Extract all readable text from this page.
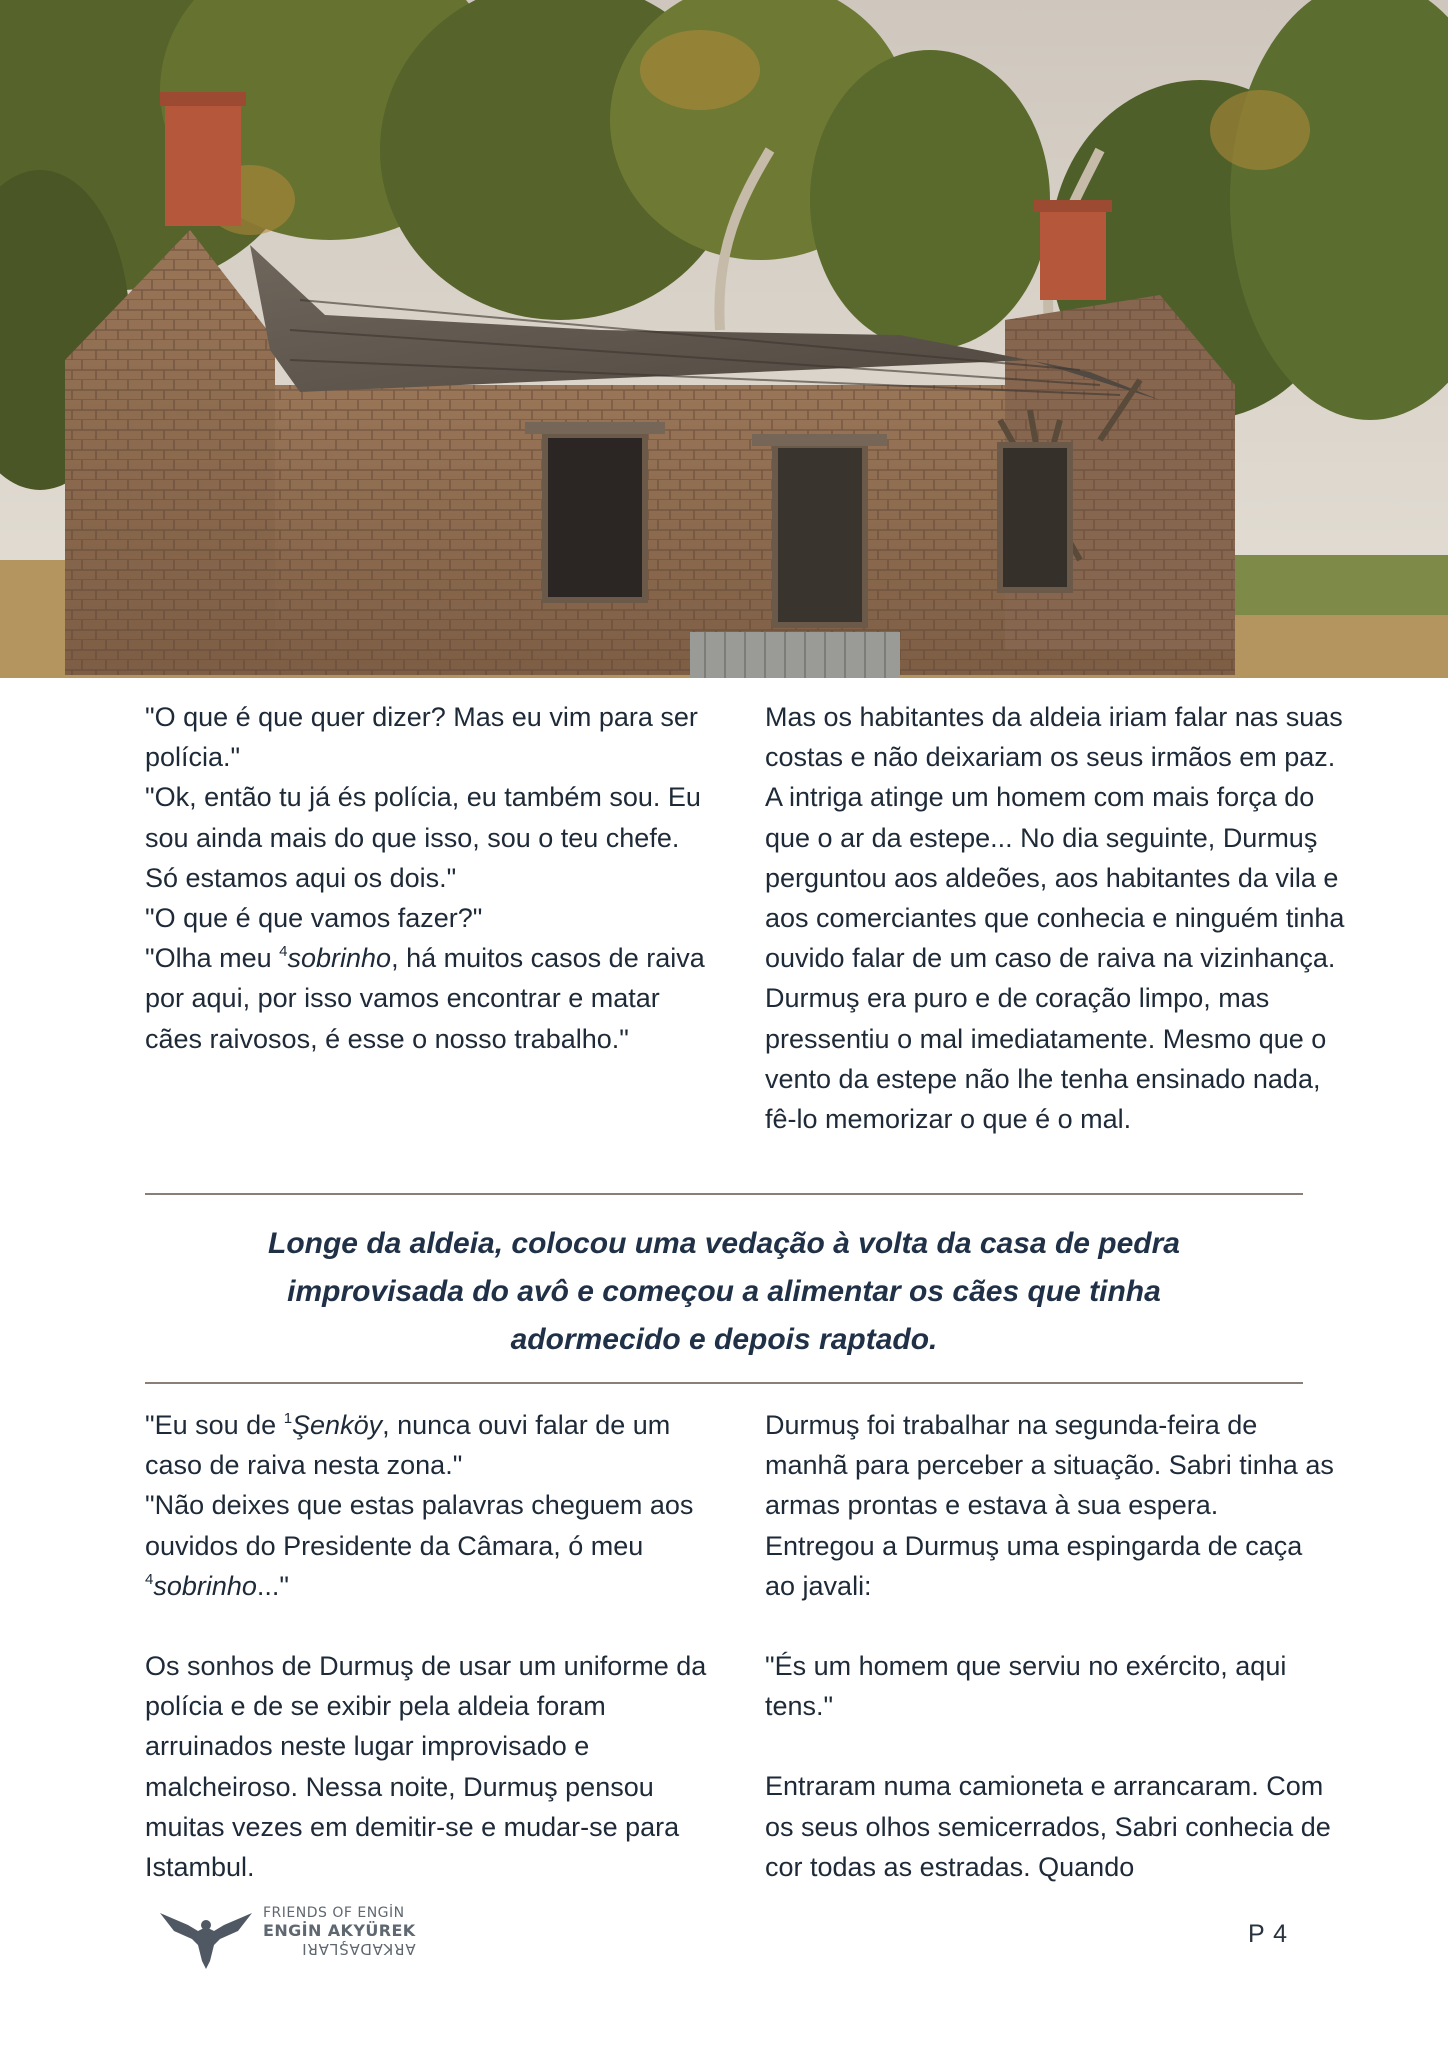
"O que é que quer dizer? Mas eu vim para ser polícia."

"Ok, então tu já és polícia, eu também sou. Eu sou ainda mais do que isso, sou o teu chefe. Só estamos aqui os dois."

"O que é que vamos fazer?"

"Olha meu $^4$sobrinho, há muitos casos de raiva por aqui, por isso vamos encontrar e matar cães raivosos, é esse o nosso trabalho."

Mas os habitantes da aldeia iriam falar nas suas costas e não deixariam os seus irmãos em paz. A intriga atinge um homem com mais força do que o ar da estepe... No dia seguinte, Durmuş perguntou aos aldeões, aos habitantes da vila e aos comerciantes que conhecia e ninguém tinha ouvido falar de um caso de raiva na vizinhança. Durmuş era puro e de coração limpo, mas pressentiu o mal imediatamente. Mesmo que o vento da estepe não lhe tenha ensinado nada, fê-lo memorizar o que é o mal.

Longe da aldeia, colocou uma vedação à volta da casa de pedra improvisada do avô e começou a alimentar os cães que tinha adormecido e depois raptado.

"Eu sou de $^1$Şenköy, nunca ouvi falar de um caso de raiva nesta zona."

"Não deixes que estas palavras cheguem aos ouvidos do Presidente da Câmara, ó meu $^4$sobrinho..."

Os sonhos de Durmuş de usar um uniforme da polícia e de se exibir pela aldeia foram arruinados neste lugar improvisado e malcheiroso. Nessa noite, Durmuş pensou muitas vezes em demitir-se e mudar-se para Istambul.

Durmuş foi trabalhar na segunda-feira de manhã para perceber a situação. Sabri tinha as armas prontas e estava à sua espera. Entregou a Durmuş uma espingarda de caça ao javali:

"És um homem que serviu no exército, aqui tens."

Entraram numa camioneta e arrancaram. Com os seus olhos semicerrados, Sabri conhecia de cor todas as estradas. Quando

FRIENDS OF ENGİN
ENGİN AKYÜREK
ARKADAŞLARI
P 4
